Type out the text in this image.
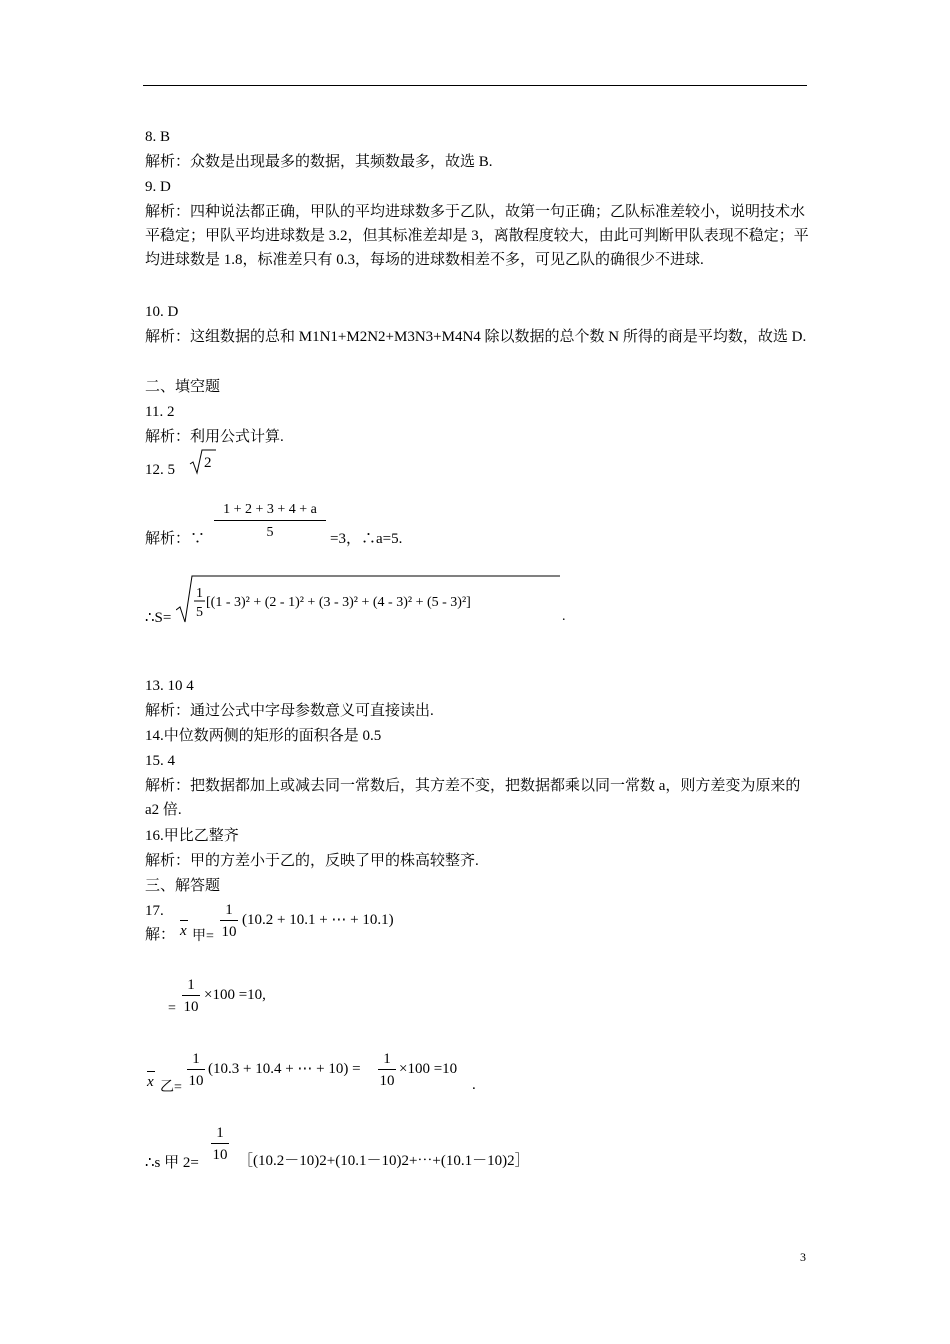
8. B
解析：众数是出现最多的数据，其频数最多，故选 B.
9. D
解析：四种说法都正确，甲队的平均进球数多于乙队，故第一句正确；乙队标准差较小，说明技术水平稳定；甲队平均进球数是 3.2，但其标准差却是 3，离散程度较大，由此可判断甲队表现不稳定；平均进球数是 1.8，标准差只有 0.3，每场的进球数相差不多，可见乙队的确很少不进球.
10. D
解析：这组数据的总和 M1N1+M2N2+M3N3+M4N4 除以数据的总个数 N 所得的商是平均数，故选 D.
二、填空题
11. 2
解析：利用公式计算.
12. 5 2
解析：∵
1 + 2 + 3 + 4 + a
5	=3，∴a=5.
∴S=
1
5
[(1 - 3)² + (2 - 1)² + (3 - 3)² + (4 - 3)² + (5 - 3)²]
.
13. 10 4
解析：通过公式中字母参数意义可直接读出.
14.中位数两侧的矩形的面积各是 0.5
15. 4
解析：把数据都加上或减去同一常数后，其方差不变，把数据都乘以同一常数 a，则方差变为原来的 a2 倍.
16.甲比乙整齐
解析：甲的方差小于乙的，反映了甲的株高较整齐.
三、解答题
17.
解： x 甲=
1
10
(10.2 + 10.1 + ⋯ + 10.1)
=
1
10
×100 =10,
x 乙=
1
10
(10.3 + 10.4 + ⋯ + 10) =
1
10
×100 =10
.
∴s 甲 2=
1
10 ［(10.2－10)2+(10.1－10)2+⋯+(10.1－10)2］
3
